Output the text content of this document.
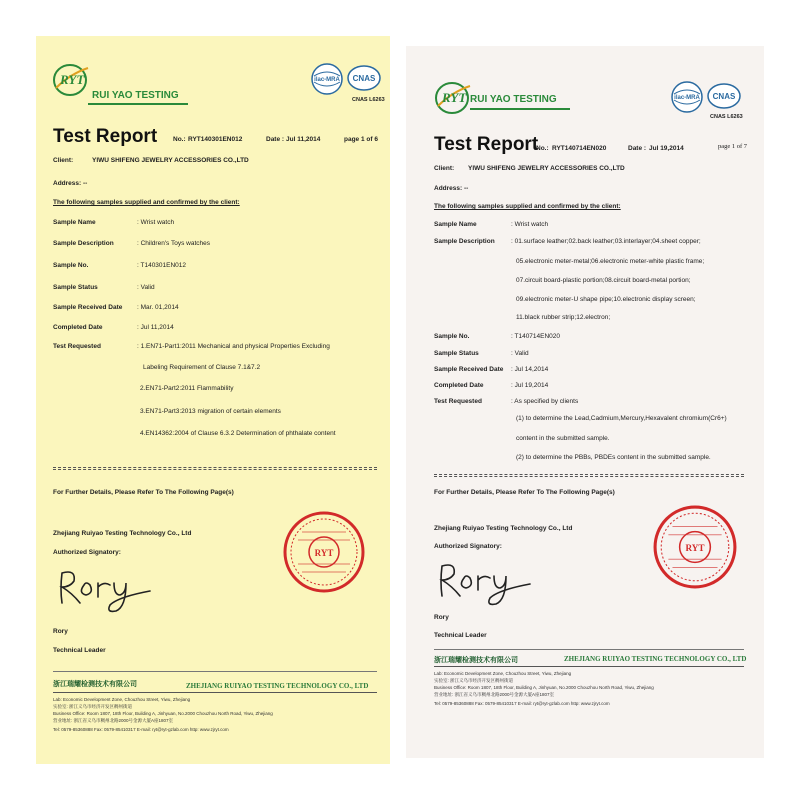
RYT
RUI YAO TESTING
ilac-MRA CNAS
CNAS L6263
Test Report No.: RYT140301EN012	Date : Jul 11,2014	page 1 of 6
Client:	YIWU SHIFENG JEWELRY ACCESSORIES CO.,LTD
Address: --
The following samples supplied and confirmed by the client:
Sample Name	: Wrist watch
Sample Description	: Children's Toys watches
Sample No.	: T140301EN012
Sample Status	: Valid
Sample Received Date : Mar. 01,2014
Completed Date	: Jul 11,2014
Test Requested	: 1.EN71-Part1:2011 Mechanical and physical Properties Excluding
Labeling Requirement of Clause 7.1&7.2
2.EN71-Part2:2011 Flammability
3.EN71-Part3:2013 migration of certain elements
4.EN14362:2004 of Clause 6.3.2 Determination of phthalate content
For Further Details, Please Refer To The Following Page(s)
Zhejiang Ruiyao Testing Technology Co., Ltd
Authorized Signatory:	RYT
Rory
Technical Leader
浙江瑞耀检测技术有限公司	ZHEJIANG RUIYAO TESTING TECHNOLOGY CO., LTD
Lab: Economic Development Zone, Chouzhou Street, Yiwu, Zhejiang
实验室: 浙江义乌市经济开发区稠州街道
Business Office: Room 1807, 18th Floor, Building A, Jinhyuan, No.2000 Chouzhou North Road, Yiwu, Zhejiang
营业地址: 浙江省义乌市稠州北路2000号金源大厦A座1807室
Tel: 0579-85360888 Fax: 0579-85410317 E-mail: ryt@ryt-gzlab.com http: www.zjryt.com
RYT RUI YAO TESTING	ilac-MRA CNAS
CNAS L6263
Test Report
No.: RYT140714EN020	Date : Jul 19,2014	page 1 of 7
Client: YIWU SHIFENG JEWELRY ACCESSORIES CO.,LTD
Address: --
The following samples supplied and confirmed by the client:
Sample Name	: Wrist watch
Sample Description	: 01.surface leather;02.back leather;03.interlayer;04.sheet copper;
05.electronic meter-metal;06.electronic meter-white plastic frame;
07.circuit board-plastic portion;08.circuit board-metal portion;
09.electronic meter-U shape pipe;10.electronic display screen;
11.black rubber strip;12.electron;
Sample No.	: T140714EN020
Sample Status	: Valid
Sample Received Date : Jul 14,2014
Completed Date	: Jul 19,2014
Test Requested	: As specified by clients
(1) to determine the Lead,Cadmium,Mercury,Hexavalent chromium(Cr6+)
content in the submitted sample.
(2) to determine the PBBs, PBDEs content in the submitted sample.
For Further Details, Please Refer To The Following Page(s)
Zhejiang Ruiyao Testing Technology Co., Ltd
Authorized Signatory:	RYT
Rory
Technical Leader
浙江瑞耀检测技术有限公司	ZHEJIANG RUIYAO TESTING TECHNOLOGY CO., LTD
Lab: Economic Development Zone, Chouzhou Street, Yiwu, Zhejiang
实验室: 浙江义乌市经济开发区稠州街道
Business Office: Room 1807, 18th Floor, Building A, Jinhyuan, No.2000 Chouzhou North Road, Yiwu, Zhejiang
营业地址: 浙江省义乌市稠州北路2000号金源大厦A座1807室
Tel: 0579-85360888 Fax: 0579-85410317 E-mail: ryt@ryt-gzlab.com http: www.zjryt.com
